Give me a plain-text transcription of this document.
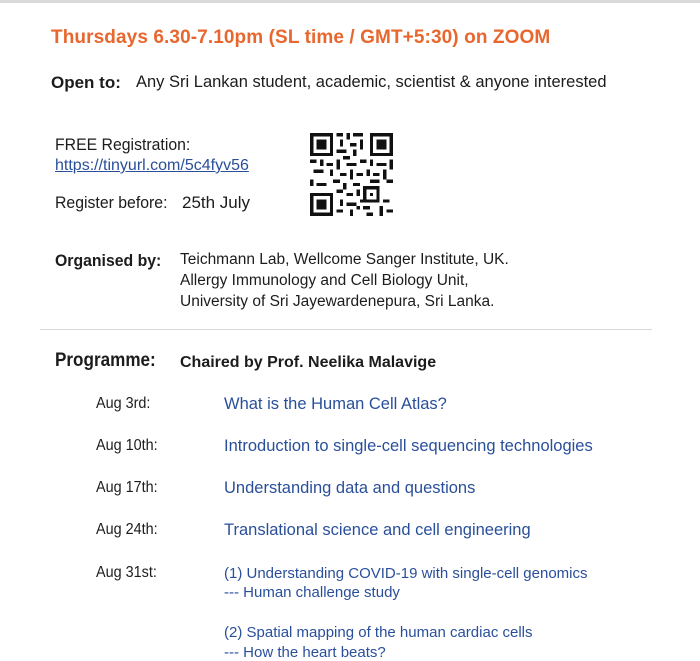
Thursdays 6.30-7.10pm (SL time / GMT+5:30) on ZOOM
Open to: Any Sri Lankan student, academic, scientist & anyone interested
FREE Registration:
https://tinyurl.com/5c4fyv56
Register before: 25th July
Organised by: Teichmann Lab, Wellcome Sanger Institute, UK.
Allergy Immunology and Cell Biology Unit,
University of Sri Jayewardenepura, Sri Lanka.
Programme: Chaired by Prof. Neelika Malavige
Aug 3rd:	What is the Human Cell Atlas?
Aug 10th:	Introduction to single-cell sequencing technologies
Aug 17th:	Understanding data and questions
Aug 24th:	Translational science and cell engineering
Aug 31st:	(1) Understanding COVID-19 with single-cell genomics
--- Human challenge study
(2) Spatial mapping of the human cardiac cells
--- How the heart beats?
